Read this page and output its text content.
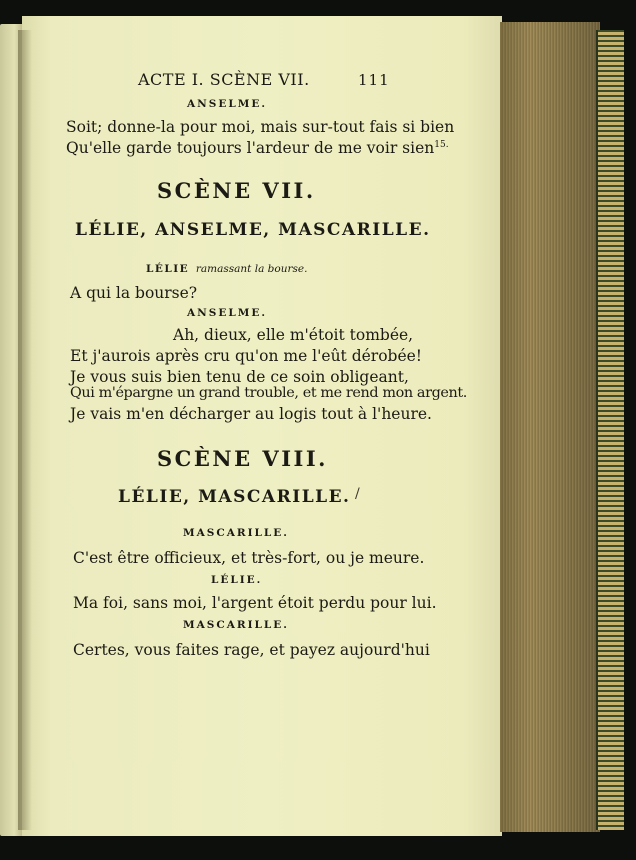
ACTE I. SCÈNE VII.	111
ANSELME.
Soit; donne-la pour moi, mais sur-tout fais si bien
Qu'elle garde toujours l'ardeur de me voir sien$^{15.}$
SCÈNE VII.
LÉLIE, ANSELME, MASCARILLE.
LÉLIE ramassant la bourse.
A qui la bourse?
ANSELME.
Ah, dieux, elle m'étoit tombée,
Et j'aurois après cru qu'on me l'eût dérobée!
Je vous suis bien tenu de ce soin obligeant,
Qui m'épargne un grand trouble, et me rend mon argent.
Je vais m'en décharger au logis tout à l'heure.
SCÈNE VIII.
LÉLIE, MASCARILLE. /
MASCARILLE.
C'est être officieux, et très-fort, ou je meure.
LÉLIE.
Ma foi, sans moi, l'argent étoit perdu pour lui.
MASCARILLE.
Certes, vous faites rage, et payez aujourd'hui
